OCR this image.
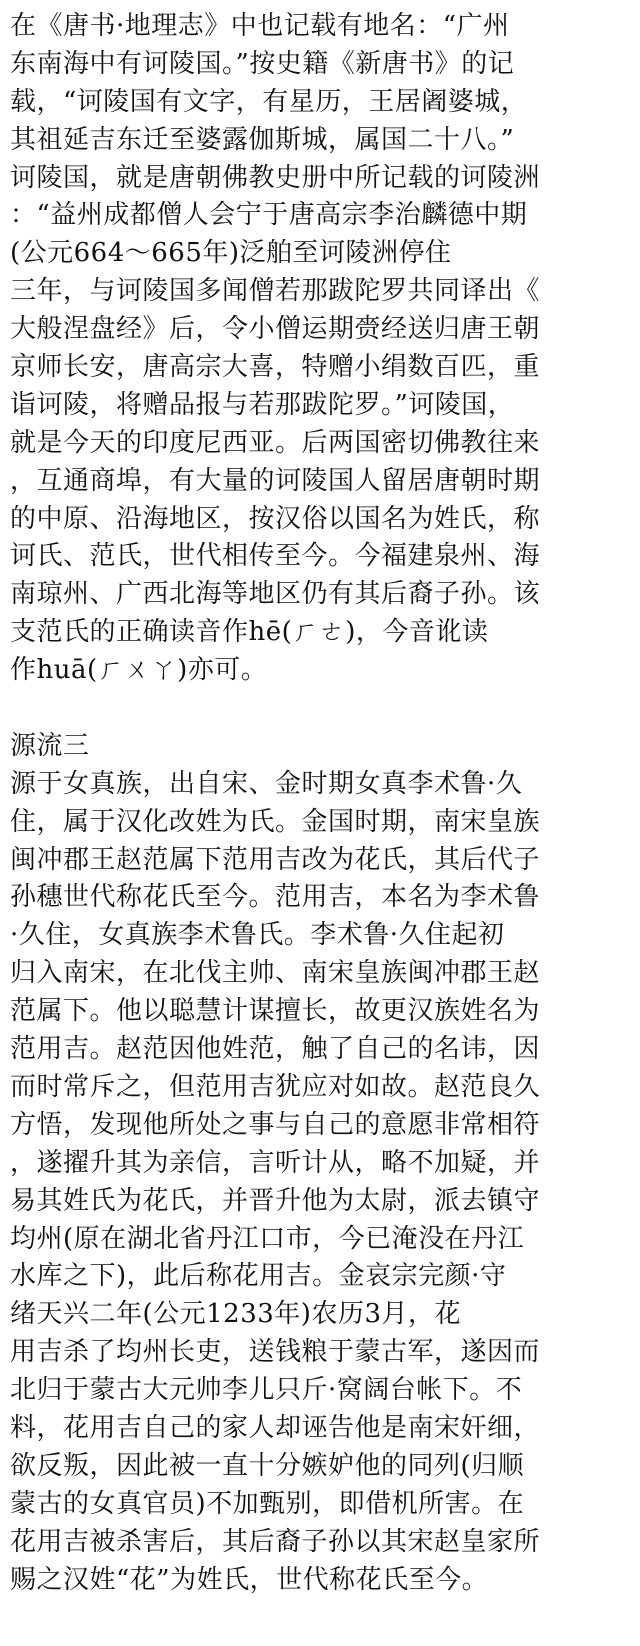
在《唐书·地理志》中也记载有地名：“广州
东南海中有诃陵国。”按史籍《新唐书》的记
载，“诃陵国有文字，有星历，王居阇婆城，
其祖延吉东迁至婆露伽斯城，属国二十八。”
诃陵国，就是唐朝佛教史册中所记载的诃陵洲
：“益州成都僧人会宁于唐高宗李治麟德中期
(公元664～665年)泛舶至诃陵洲停住
三年，与诃陵国多闻僧若那跋陀罗共同译出《
大般涅盘经》后，令小僧运期赍经送归唐王朝
京师长安，唐高宗大喜，特赠小绢数百匹，重
诣诃陵，将赠品报与若那跋陀罗。”诃陵国，
就是今天的印度尼西亚。后两国密切佛教往来
，互通商埠，有大量的诃陵国人留居唐朝时期
的中原、沿海地区，按汉俗以国名为姓氏，称
诃氏、范氏，世代相传至今。今福建泉州、海
南琼州、广西北海等地区仍有其后裔子孙。该
支范氏的正确读音作hē(ㄏㄜ)，今音讹读
作huā(ㄏㄨㄚ)亦可。
源流三
源于女真族，出自宋、金时期女真李术鲁·久
住，属于汉化改姓为氏。金国时期，南宋皇族
闽冲郡王赵范属下范用吉改为花氏，其后代子
孙穗世代称花氏至今。范用吉，本名为李术鲁
·久住，女真族李术鲁氏。李术鲁·久住起初
归入南宋，在北伐主帅、南宋皇族闽冲郡王赵
范属下。他以聪慧计谋擅长，故更汉族姓名为
范用吉。赵范因他姓范，触了自己的名讳，因
而时常斥之，但范用吉犹应对如故。赵范良久
方悟，发现他所处之事与自己的意愿非常相符
，遂擢升其为亲信，言听计从，略不加疑，并
易其姓氏为花氏，并晋升他为太尉，派去镇守
均州(原在湖北省丹江口市，今已淹没在丹江
水库之下)，此后称花用吉。金哀宗完颜·守
绪天兴二年(公元1233年)农历3月，花
用吉杀了均州长吏，送钱粮于蒙古军，遂因而
北归于蒙古大元帅李儿只斤·窝阔台帐下。不
料，花用吉自己的家人却诬告他是南宋奸细，
欲反叛，因此被一直十分嫉妒他的同列(归顺
蒙古的女真官员)不加甄别，即借机所害。在
花用吉被杀害后，其后裔子孙以其宋赵皇家所
赐之汉姓“花”为姓氏，世代称花氏至今。
